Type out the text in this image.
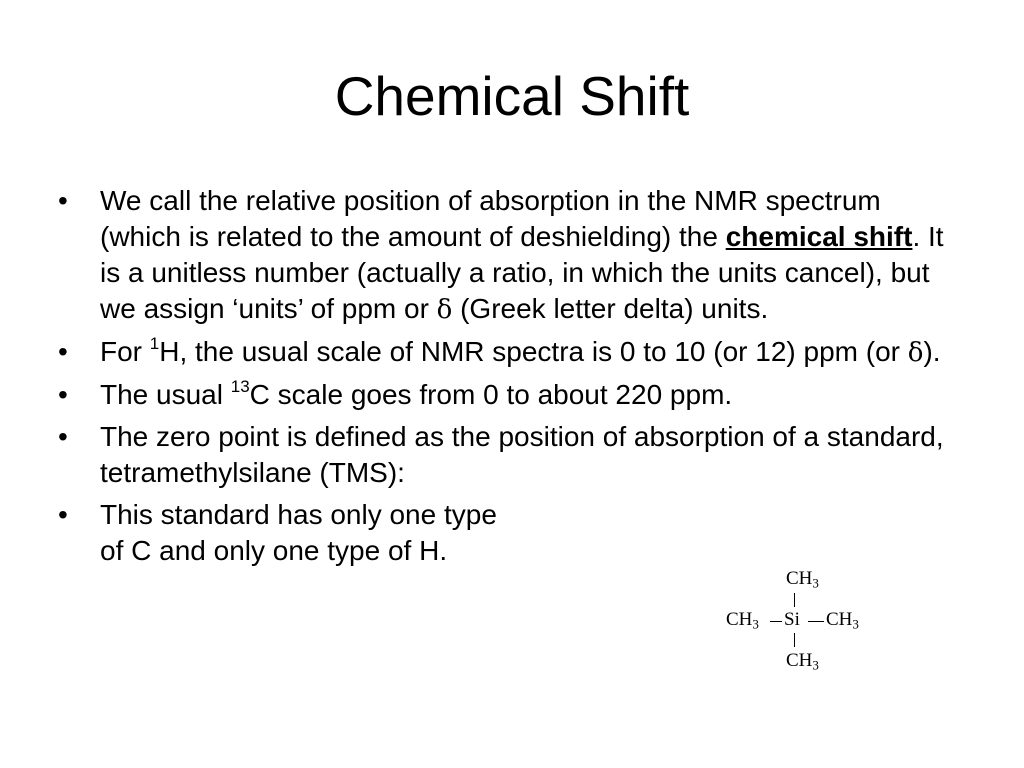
Chemical Shift
• We call the relative position of absorption in the NMR spectrum (which is related to the amount of deshielding) the chemical shift. It is a unitless number (actually a ratio, in which the units cancel), but we assign ‘units’ of ppm or δ (Greek letter delta) units.
• For $^1$H, the usual scale of NMR spectra is 0 to 10 (or 12) ppm (or δ).
• The usual $^{13}$C scale goes from 0 to about 220 ppm.
• The zero point is defined as the position of absorption of a standard, tetramethylsilane (TMS):
• This standard has only one type
of C and only one type of H.
$CH_3$
$CH_3$ Si $CH_3$
$CH_3$
